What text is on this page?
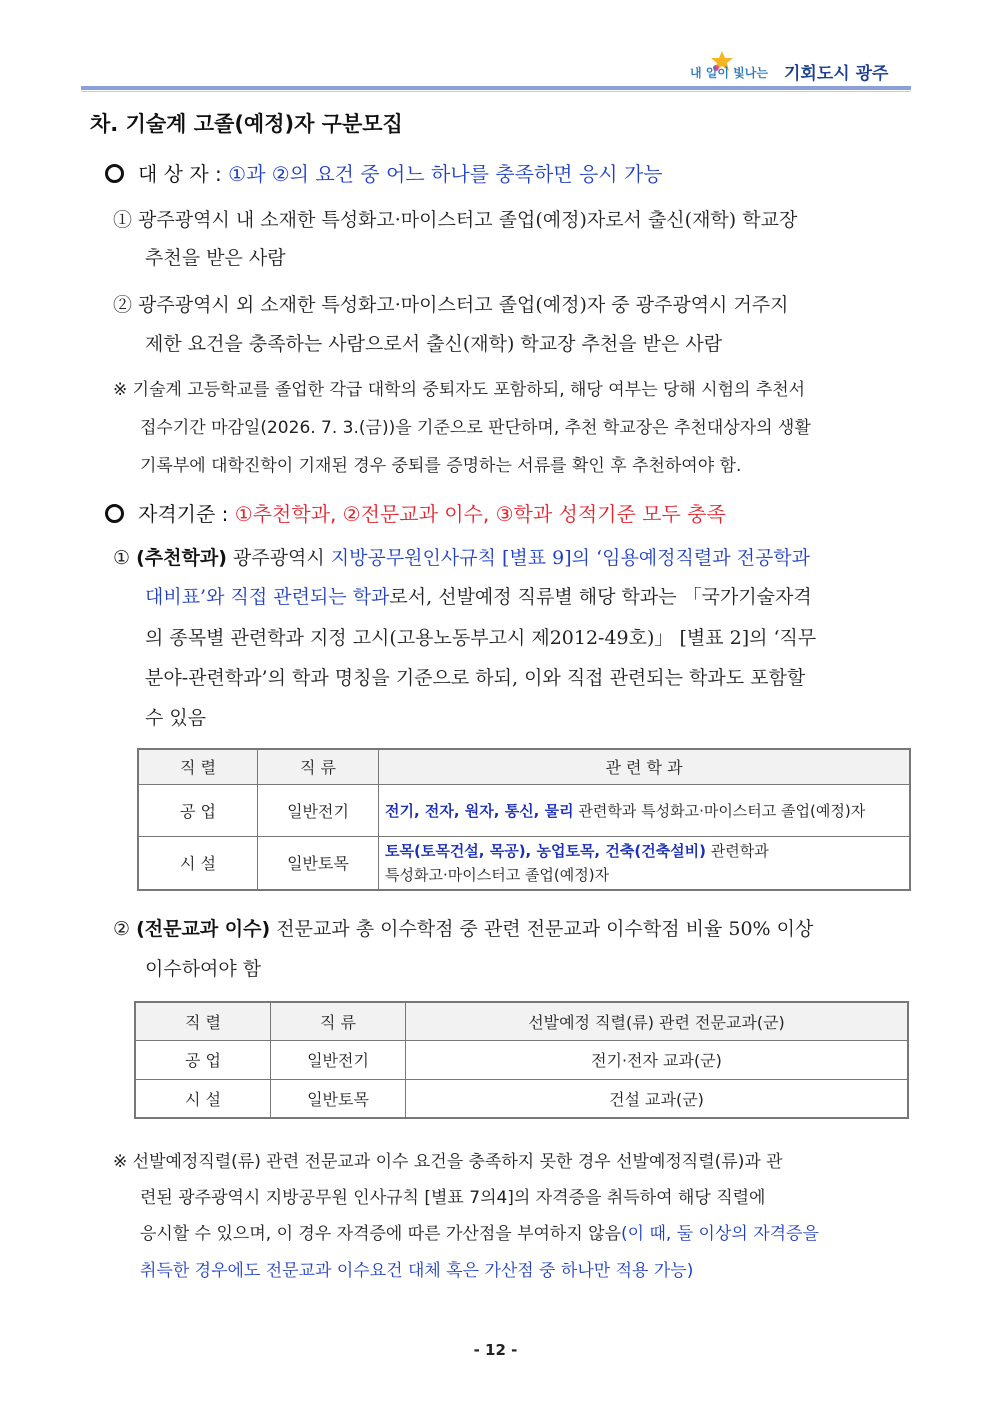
내 일이 빛나는 기회도시 광주
차. 기술계 고졸(예정)자 구분모집
대 상 자 : ①과 ②의 요건 중 어느 하나를 충족하면 응시 가능
① 광주광역시 내 소재한 특성화고·마이스터고 졸업(예정)자로서 출신(재학) 학교장
추천을 받은 사람
② 광주광역시 외 소재한 특성화고·마이스터고 졸업(예정)자 중 광주광역시 거주지
제한 요건을 충족하는 사람으로서 출신(재학) 학교장 추천을 받은 사람
※ 기술계 고등학교를 졸업한 각급 대학의 중퇴자도 포함하되, 해당 여부는 당해 시험의 추천서
접수기간 마감일(2026. 7. 3.(금))을 기준으로 판단하며, 추천 학교장은 추천대상자의 생활
기록부에 대학진학이 기재된 경우 중퇴를 증명하는 서류를 확인 후 추천하여야 함.
자격기준 : ①추천학과, ②전문교과 이수, ③학과 성적기준 모두 충족
① (추천학과) 광주광역시 지방공무원인사규칙 [별표 9]의 ‘임용예정직렬과 전공학과
대비표’와 직접 관련되는 학과로서, 선발예정 직류별 해당 학과는 「국가기술자격
의 종목별 관련학과 지정 고시(고용노동부고시 제2012-49호)」 [별표 2]의 ‘직무
분야-관련학과’의 학과 명칭을 기준으로 하되, 이와 직접 관련되는 학과도 포함할
수 있음
직 렬	직 류	관 련 학 과
공 업	일반전기	전기, 전자, 원자, 통신, 물리 관련학과 특성화고·마이스터고 졸업(예정)자
시 설	일반토목	토목(토목건설, 목공), 농업토목, 건축(건축설비) 관련학과
특성화고·마이스터고 졸업(예정)자
② (전문교과 이수) 전문교과 총 이수학점 중 관련 전문교과 이수학점 비율 50% 이상
이수하여야 함
직 렬	직 류	선발예정 직렬(류) 관련 전문교과(군)
공 업	일반전기	전기·전자 교과(군)
시 설	일반토목	건설 교과(군)
※ 선발예정직렬(류) 관련 전문교과 이수 요건을 충족하지 못한 경우 선발예정직렬(류)과 관
련된 광주광역시 지방공무원 인사규칙 [별표 7의4]의 자격증을 취득하여 해당 직렬에
응시할 수 있으며, 이 경우 자격증에 따른 가산점을 부여하지 않음(이 때, 둘 이상의 자격증을
취득한 경우에도 전문교과 이수요건 대체 혹은 가산점 중 하나만 적용 가능)
- 12 -
